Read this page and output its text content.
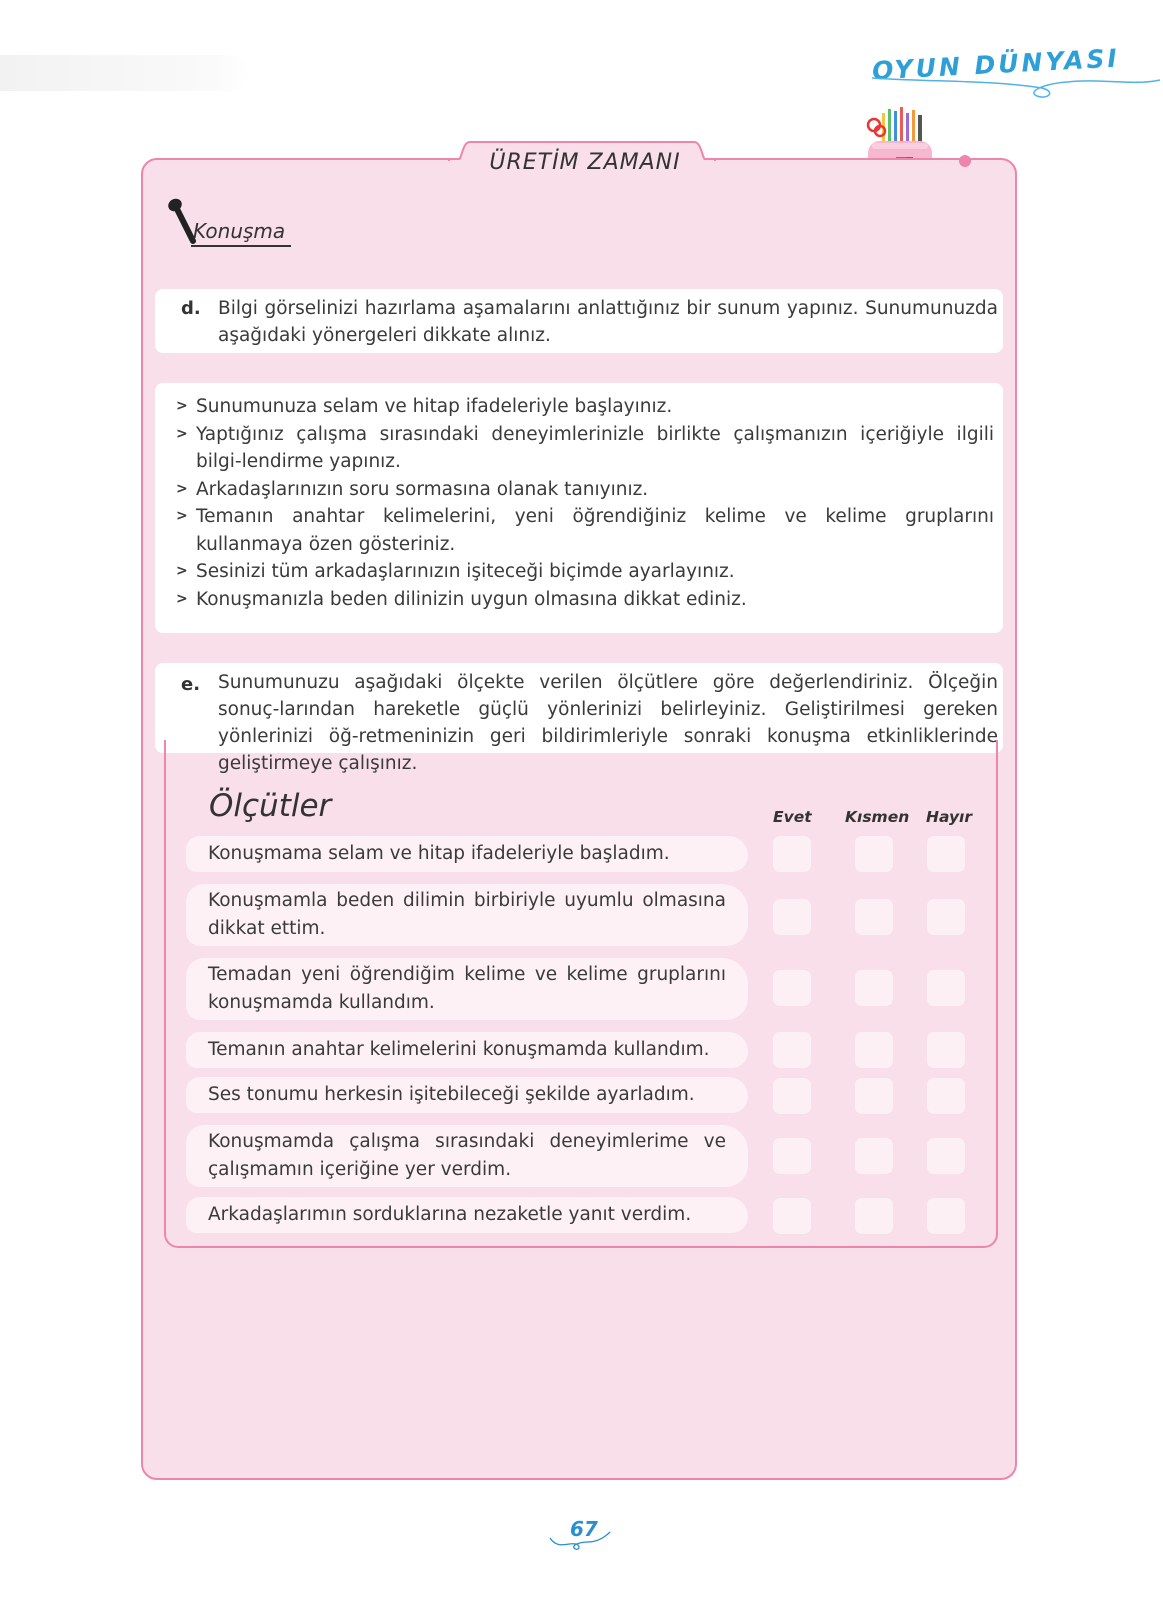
OYUN DÜNYASI
ÜRETİM ZAMANI
Konuşma
d. Bilgi görselinizi hazırlama aşamalarını anlattığınız bir sunum yapınız. Sunumunuzda aşağıdaki yönergeleri dikkate alınız.
> Sunumunuza selam ve hitap ifadeleriyle başlayınız.
> Yaptığınız çalışma sırasındaki deneyimlerinizle birlikte çalışmanızın içeriğiyle ilgili bilgi-lendirme yapınız.
> Arkadaşlarınızın soru sormasına olanak tanıyınız.
> Temanın anahtar kelimelerini, yeni öğrendiğiniz kelime ve kelime gruplarını kullanmaya özen gösteriniz.
> Sesinizi tüm arkadaşlarınızın işiteceği biçimde ayarlayınız.
> Konuşmanızla beden dilinizin uygun olmasına dikkat ediniz.
e. Sunumunuzu aşağıdaki ölçekte verilen ölçütlere göre değerlendiriniz. Ölçeğin sonuç-larından hareketle güçlü yönlerinizi belirleyiniz. Geliştirilmesi gereken yönlerinizi öğ-retmeninizin geri bildirimleriyle sonraki konuşma etkinliklerinde geliştirmeye çalışınız.
Ölçütler	Evet Kısmen Hayır
Konuşmama selam ve hitap ifadeleriyle başladım.
Konuşmamla beden dilimin birbiriyle uyumlu olmasına dikkat ettim.
Temadan yeni öğrendiğim kelime ve kelime gruplarını konuşmamda kullandım.
Temanın anahtar kelimelerini konuşmamda kullandım.
Ses tonumu herkesin işitebileceği şekilde ayarladım.
Konuşmamda çalışma sırasındaki deneyimlerime ve çalışmamın içeriğine yer verdim.
Arkadaşlarımın sorduklarına nezaketle yanıt verdim.
67
